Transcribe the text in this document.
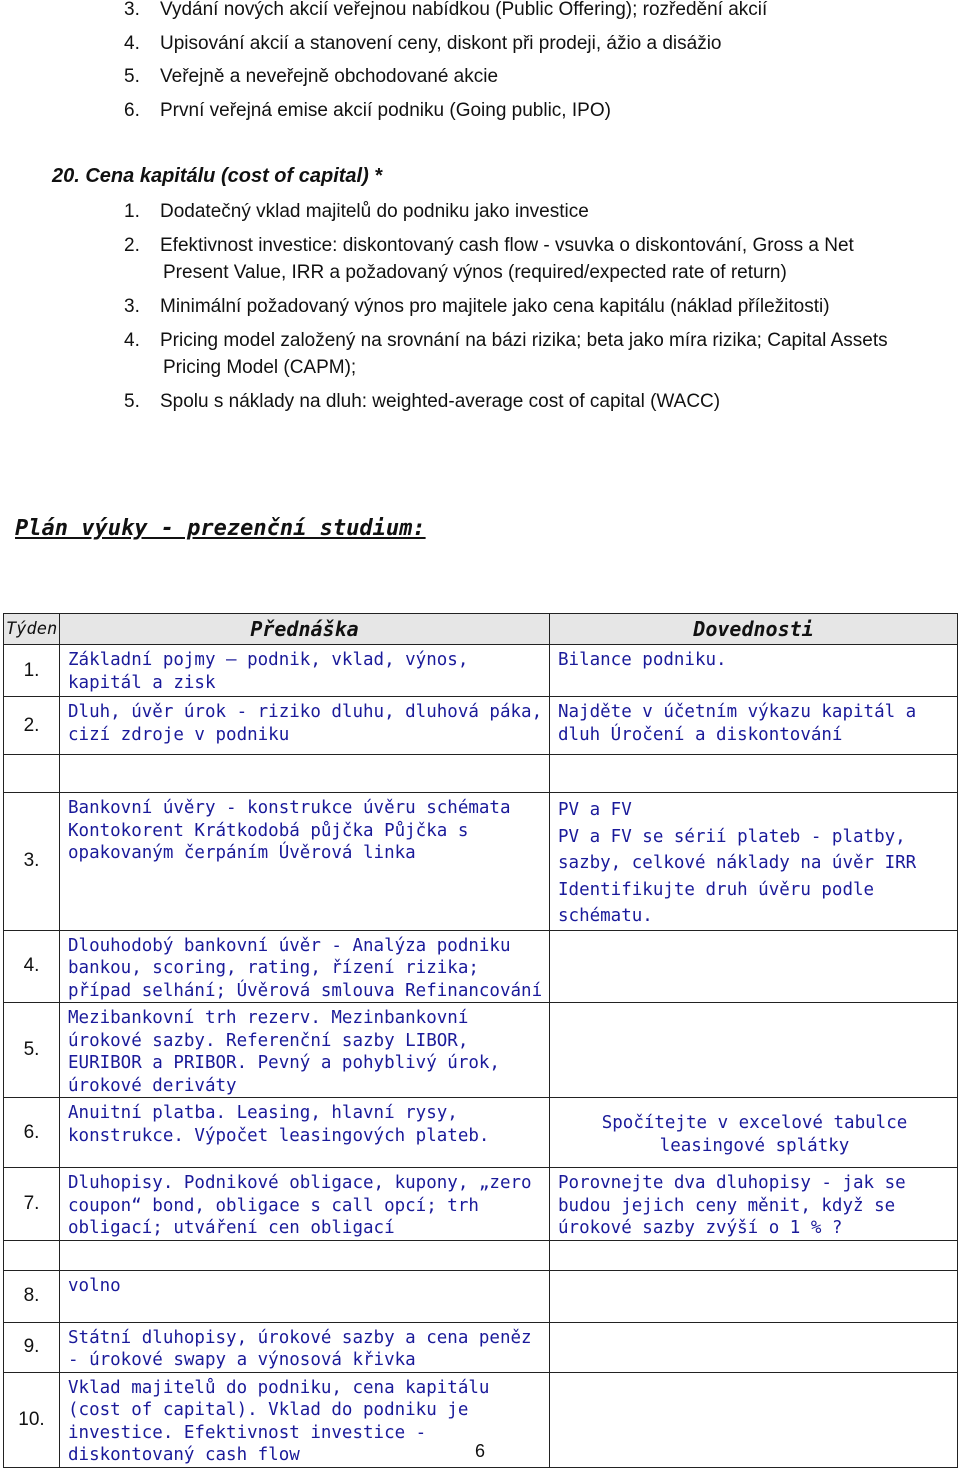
3. Vydání nových akcií veřejnou nabídkou (Public Offering); rozředění akcií
4. Upisování akcií a stanovení ceny, diskont při prodeji, ážio a disážio
5. Veřejně a neveřejně obchodované akcie
6. První veřejná emise akcií podniku (Going public, IPO)
20. Cena kapitálu (cost of capital) *
1. Dodatečný vklad majitelů do podniku jako investice
2. Efektivnost investice: diskontovaný cash flow - vsuvka o diskontování, Gross a Net
Present Value, IRR a požadovaný výnos (required/expected rate of return)
3. Minimální požadovaný výnos pro majitele jako cena kapitálu (náklad příležitosti)
4. Pricing model založený na srovnání na bázi rizika; beta jako míra rizika; Capital Assets
Pricing Model (CAPM);
5. Spolu s náklady na dluh: weighted-average cost of capital (WACC)
Plán výuky - prezenční studium:
Týden	Přednáška	Dovednosti
1.	Základní pojmy – podnik, vklad, výnos, kapitál a zisk	Bilance podniku.
2.	Dluh, úvěr úrok - riziko dluhu, dluhová páka, cizí zdroje v podniku	Najděte v účetním výkazu kapitál a dluh Úročení a diskontování

3.	Bankovní úvěry - konstrukce úvěru schémata Kontokorent Krátkodobá půjčka Půjčka s opakovaným čerpáním Úvěrová linka	PV a FV
PV a FV se sérií plateb - platby, sazby, celkové náklady na úvěr IRR
Identifikujte druh úvěru podle schématu.
4.	Dlouhodobý bankovní úvěr - Analýza podniku bankou, scoring, rating, řízení rizika; případ selhání; Úvěrová smlouva Refinancování	
5.	Mezibankovní trh rezerv. Mezinbankovní úrokové sazby. Referenční sazby LIBOR, EURIBOR a PRIBOR. Pevný a pohyblivý úrok, úrokové deriváty	
6.	Anuitní platba. Leasing, hlavní rysy, konstrukce. Výpočet leasingových plateb.	Spočítejte v excelové tabulce leasingové splátky
7.	Dluhopisy. Podnikové obligace, kupony, „zero coupon“ bond, obligace s call opcí; trh obligací; utváření cen obligací	Porovnejte dva dluhopisy - jak se budou jejich ceny měnit, když se úrokové sazby zvýší o 1 % ?

8.	volno	
9.	Státní dluhopisy, úrokové sazby a cena peněz - úrokové swapy a výnosová křivka	
10.	Vklad majitelů do podniku, cena kapitálu (cost of capital). Vklad do podniku je investice. Efektivnost investice - diskontovaný cash flow		6
